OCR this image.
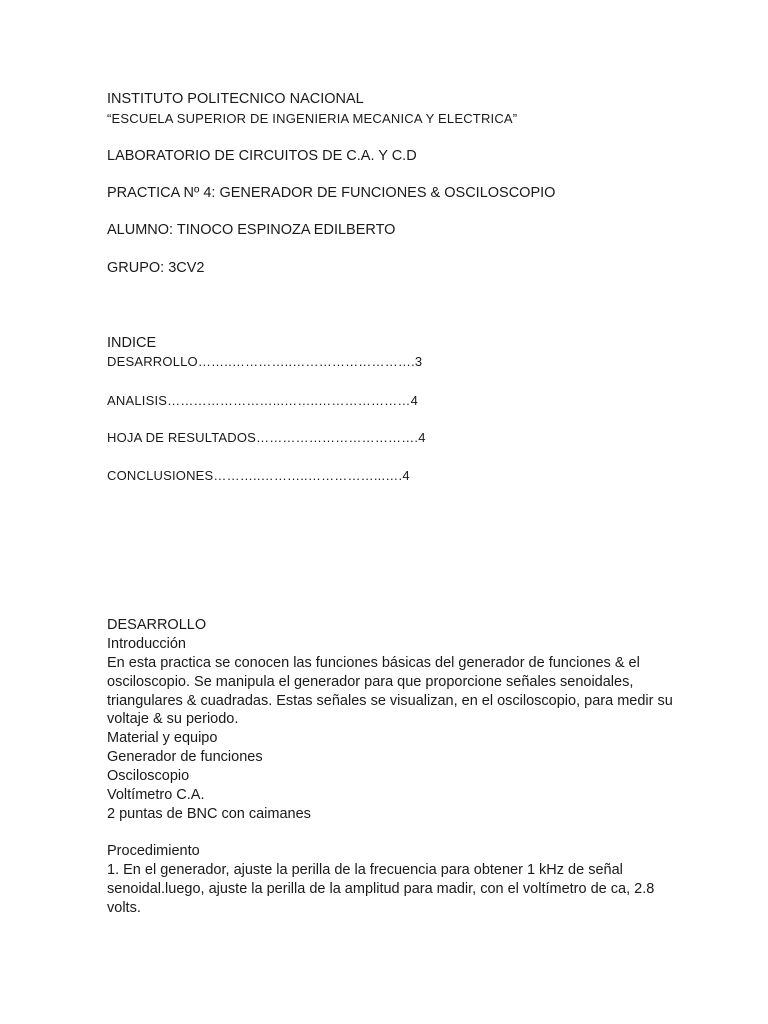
INSTITUTO POLITECNICO NACIONAL
“ESCUELA SUPERIOR DE INGENIERIA MECANICA Y ELECTRICA”
LABORATORIO DE CIRCUITOS DE C.A. Y C.D
PRACTICA Nº 4: GENERADOR DE FUNCIONES & OSCILOSCOPIO
ALUMNO: TINOCO ESPINOZA EDILBERTO
GRUPO: 3CV2
INDICE
DESARROLLO……..…………..……………………….3
ANALISIS……………………...……..…………………4
HOJA DE RESULTADOS……………………………….4
CONCLUSIONES………..………..……………...….4
DESARROLLO
Introducción
En esta practica se conocen las funciones básicas del generador de funciones & el
osciloscopio. Se manipula el generador para que proporcione señales senoidales,
triangulares & cuadradas. Estas señales se visualizan, en el osciloscopio, para medir su
voltaje & su periodo.
Material y equipo
Generador de funciones
Osciloscopio
Voltímetro C.A.
2 puntas de BNC con caimanes
Procedimiento
1. En el generador, ajuste la perilla de la frecuencia para obtener 1 kHz de señal
senoidal.luego, ajuste la perilla de la amplitud para madir, con el voltímetro de ca, 2.8
volts.
